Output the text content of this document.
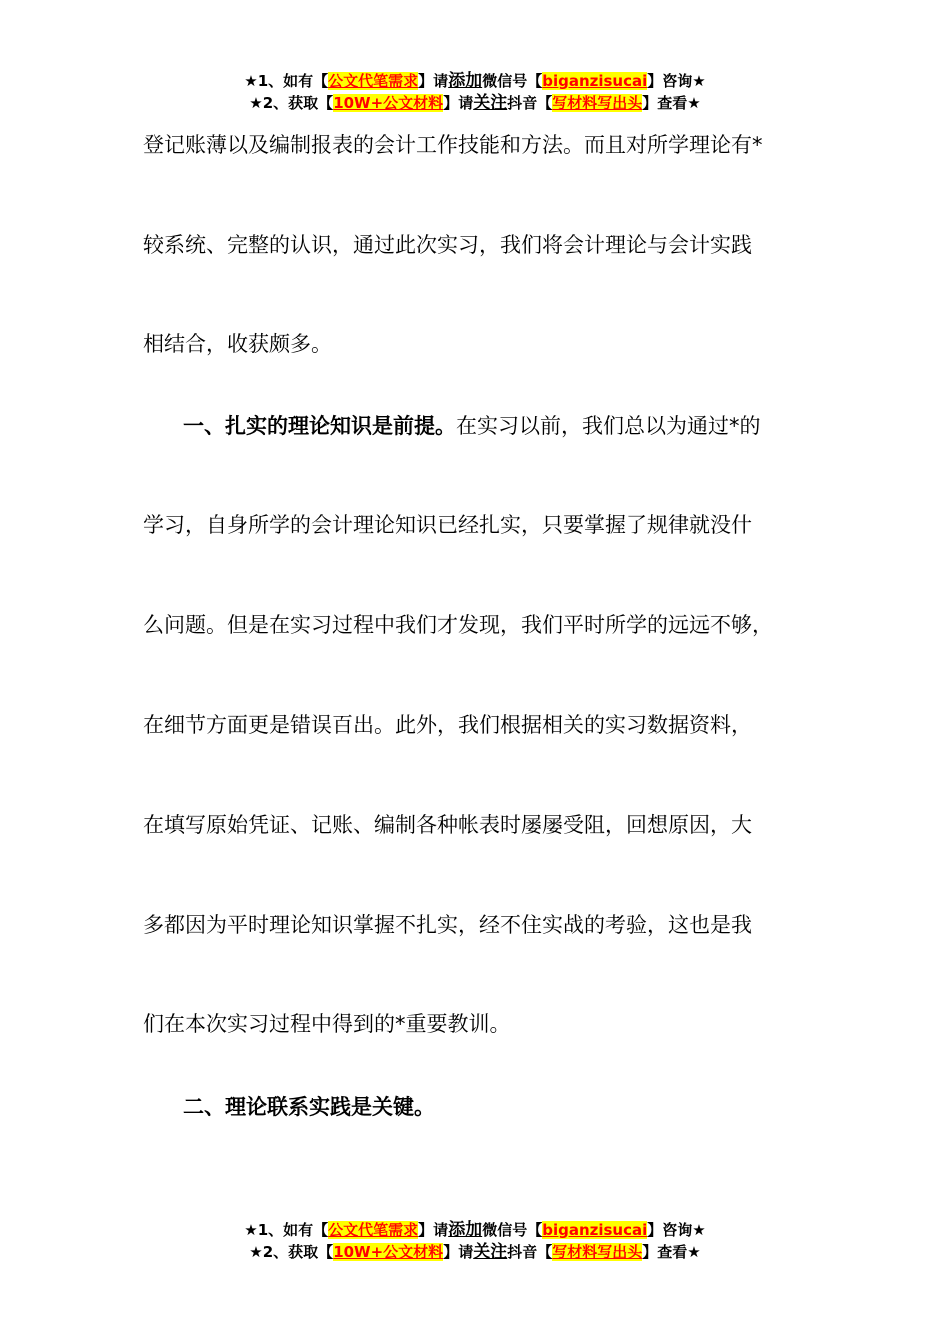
★1、如有【公文代笔需求】请添加微信号【biganzisucai】咨询★
★2、获取【10W+公文材料】请关注抖音【写材料写出头】查看★
登记账薄以及编制报表的会计工作技能和方法。而且对所学理论有*
较系统、完整的认识，通过此次实习，我们将会计理论与会计实践
相结合，收获颇多。
一、扎实的理论知识是前提。在实习以前，我们总以为通过*的
学习，自身所学的会计理论知识已经扎实，只要掌握了规律就没什
么问题。但是在实习过程中我们才发现，我们平时所学的远远不够，
在细节方面更是错误百出。此外，我们根据相关的实习数据资料，
在填写原始凭证、记账、编制各种帐表时屡屡受阻，回想原因，大
多都因为平时理论知识掌握不扎实，经不住实战的考验，这也是我
们在本次实习过程中得到的*重要教训。
二、理论联系实践是关键。
★1、如有【公文代笔需求】请添加微信号【biganzisucai】咨询★
★2、获取【10W+公文材料】请关注抖音【写材料写出头】查看★
